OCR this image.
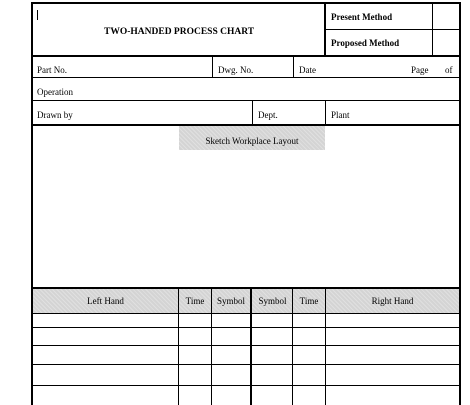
TWO-HANDED PROCESS CHART
Present Method
Proposed Method
Part No.	Dwg. No.	Date	Page of
Operation
Drawn by	Dept.	Plant
Sketch Workplace Layout
Left Hand	Time	Symbol	Symbol	Time	Right Hand
